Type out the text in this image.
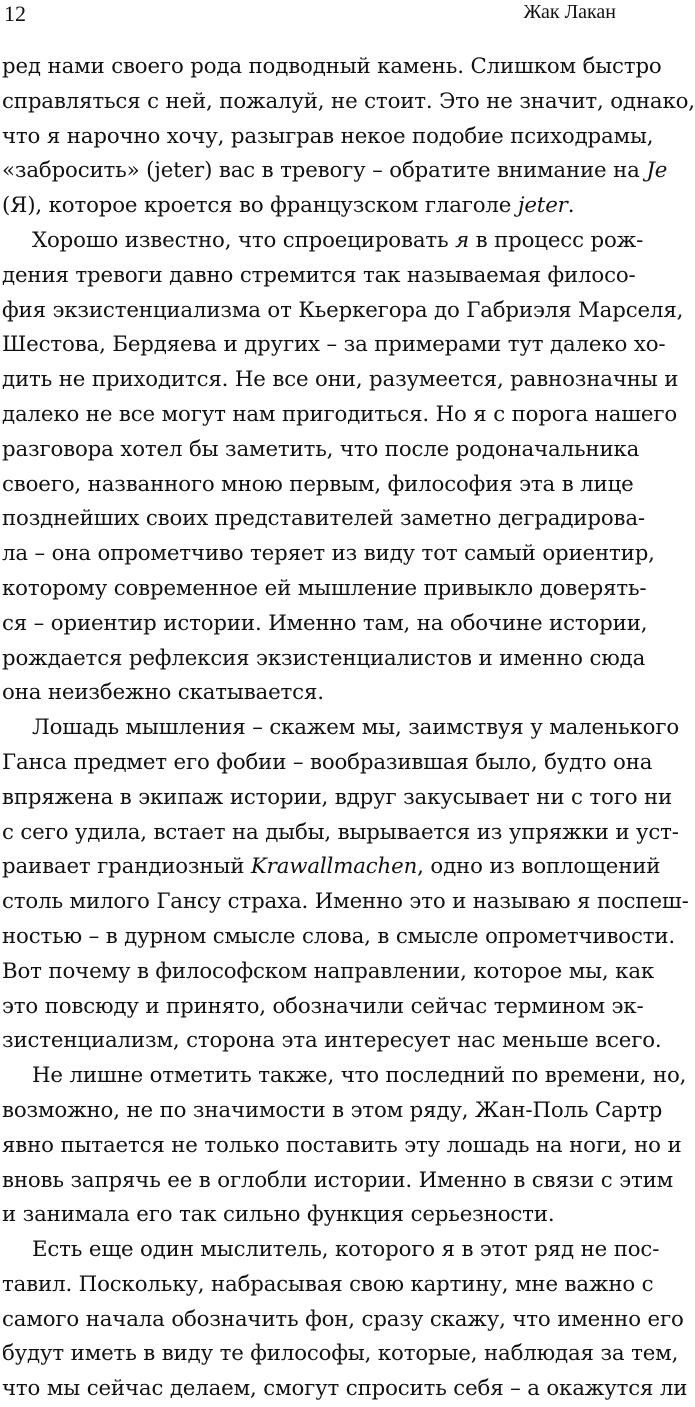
12	Жак Лакан
ред нами своего рода подводный камень. Слишком быстро
справляться с ней, пожалуй, не стоит. Это не значит, однако,
что я нарочно хочу, разыграв некое подобие психодрамы,
«забросить» (jeter) вас в тревогу – обратите внимание на Je
(Я), которое кроется во французском глаголе jeter.
Хорошо известно, что спроецировать я в процесс рож-
дения тревоги давно стремится так называемая филосо-
фия экзистенциализма от Кьеркегора до Габриэля Марселя,
Шестова, Бердяева и других – за примерами тут далеко хо-
дить не приходится. Не все они, разумеется, равнозначны и
далеко не все могут нам пригодиться. Но я с порога нашего
разговора хотел бы заметить, что после родоначальника
своего, названного мною первым, философия эта в лице
позднейших своих представителей заметно деградирова-
ла – она опрометчиво теряет из виду тот самый ориентир,
которому современное ей мышление привыкло доверять-
ся – ориентир истории. Именно там, на обочине истории,
рождается рефлексия экзистенциалистов и именно сюда
она неизбежно скатывается.
Лошадь мышления – скажем мы, заимствуя у маленького
Ганса предмет его фобии – вообразившая было, будто она
впряжена в экипаж истории, вдруг закусывает ни с того ни
с сего удила, встает на дыбы, вырывается из упряжки и уст-
раивает грандиозный Krawallmachen, одно из воплощений
столь милого Гансу страха. Именно это и называю я поспеш-
ностью – в дурном смысле слова, в смысле опрометчивости.
Вот почему в философском направлении, которое мы, как
это повсюду и принято, обозначили сейчас термином эк-
зистенциализм, сторона эта интересует нас меньше всего.
Не лишне отметить также, что последний по времени, но,
возможно, не по значимости в этом ряду, Жан-Поль Сартр
явно пытается не только поставить эту лошадь на ноги, но и
вновь запрячь ее в оглобли истории. Именно в связи с этим
и занимала его так сильно функция серьезности.
Есть еще один мыслитель, которого я в этот ряд не пос-
тавил. Поскольку, набрасывая свою картину, мне важно с
самого начала обозначить фон, сразу скажу, что именно его
будут иметь в виду те философы, которые, наблюдая за тем,
что мы сейчас делаем, смогут спросить себя – а окажутся ли
